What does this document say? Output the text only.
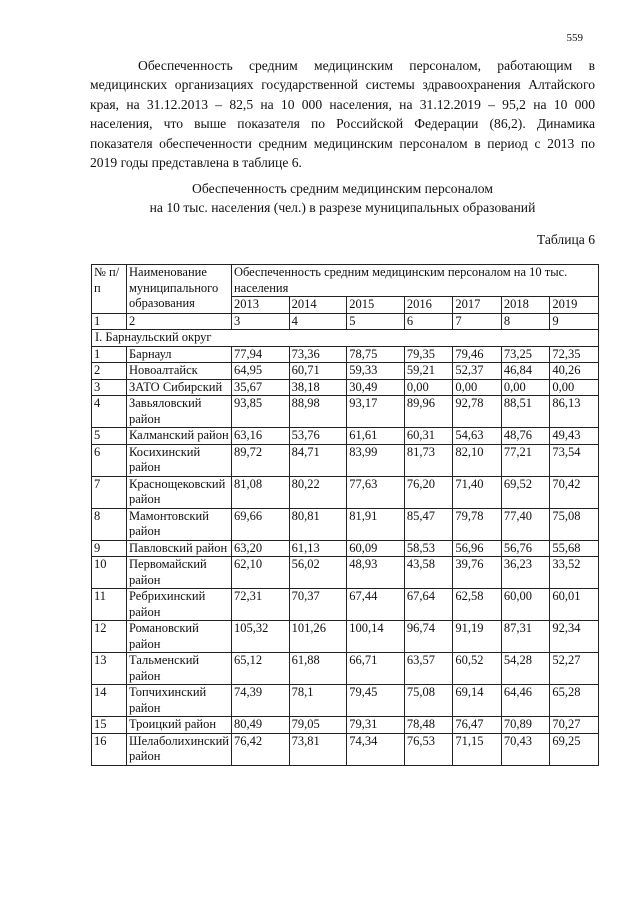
559

Обеспеченность средним медицинским персоналом, работающим в медицинских организациях государственной системы здравоохранения Алтайского края, на 31.12.2013 – 82,5 на 10 000 населения, на 31.12.2019 – 95,2 на 10 000 населения, что выше показателя по Российской Федерации (86,2). Динамика показателя обеспеченности средним медицинским персоналом в период с 2013 по 2019 годы представлена в таблице 6.

Обеспеченность средним медицинским персоналом
на 10 тыс. населения (чел.) в разрезе муниципальных образований
Таблица 6
№ п/п	Наименование муниципального образования	Обеспеченность средним медицинским персоналом на 10 тыс. населения						
		2013	2014	2015	2016	2017	2018	2019
1	2	3	4	5	6	7	8	9
I. Барнаульский округ								
1	Барнаул	77,94	73,36	78,75	79,35	79,46	73,25	72,35
2	Новоалтайск	64,95	60,71	59,33	59,21	52,37	46,84	40,26
3	ЗАТО Сибирский	35,67	38,18	30,49	0,00	0,00	0,00	0,00
4	Завьяловский район	93,85	88,98	93,17	89,96	92,78	88,51	86,13
5	Калманский район	63,16	53,76	61,61	60,31	54,63	48,76	49,43
6	Косихинский район	89,72	84,71	83,99	81,73	82,10	77,21	73,54
7	Краснощековский район	81,08	80,22	77,63	76,20	71,40	69,52	70,42
8	Мамонтовский район	69,66	80,81	81,91	85,47	79,78	77,40	75,08
9	Павловский район	63,20	61,13	60,09	58,53	56,96	56,76	55,68
10	Первомайский район	62,10	56,02	48,93	43,58	39,76	36,23	33,52
11	Ребрихинский район	72,31	70,37	67,44	67,64	62,58	60,00	60,01
12	Романовский район	105,32	101,26	100,14	96,74	91,19	87,31	92,34
13	Тальменский район	65,12	61,88	66,71	63,57	60,52	54,28	52,27
14	Топчихинский район	74,39	78,1	79,45	75,08	69,14	64,46	65,28
15	Троицкий район	80,49	79,05	79,31	78,48	76,47	70,89	70,27
16	Шелаболихинский район	76,42	73,81	74,34	76,53	71,15	70,43	69,25
